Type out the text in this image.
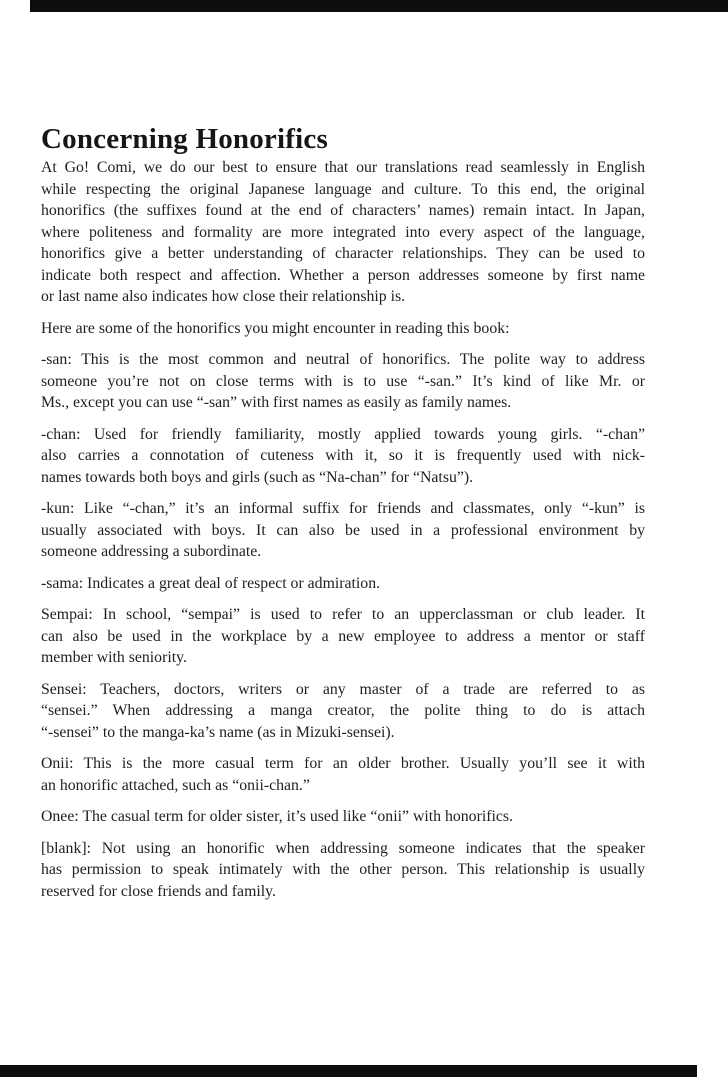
Concerning Honorifics
At Go! Comi, we do our best to ensure that our translations read seamlessly in English
while respecting the original Japanese language and culture. To this end, the original
honorifics (the suffixes found at the end of characters’ names) remain intact. In Japan,
where politeness and formality are more integrated into every aspect of the language,
honorifics give a better understanding of character relationships. They can be used to
indicate both respect and affection. Whether a person addresses someone by first name
or last name also indicates how close their relationship is.
Here are some of the honorifics you might encounter in reading this book:
-san: This is the most common and neutral of honorifics. The polite way to address
someone you’re not on close terms with is to use “-san.” It’s kind of like Mr. or
Ms., except you can use “-san” with first names as easily as family names.
-chan: Used for friendly familiarity, mostly applied towards young girls. “-chan”
also carries a connotation of cuteness with it, so it is frequently used with nick-
names towards both boys and girls (such as “Na-chan” for “Natsu”).
-kun: Like “-chan,” it’s an informal suffix for friends and classmates, only “-kun” is
usually associated with boys. It can also be used in a professional environment by
someone addressing a subordinate.
-sama: Indicates a great deal of respect or admiration.
Sempai: In school, “sempai” is used to refer to an upperclassman or club leader. It
can also be used in the workplace by a new employee to address a mentor or staff
member with seniority.
Sensei: Teachers, doctors, writers or any master of a trade are referred to as
“sensei.” When addressing a manga creator, the polite thing to do is attach
“-sensei” to the manga-ka’s name (as in Mizuki-sensei).
Onii: This is the more casual term for an older brother. Usually you’ll see it with
an honorific attached, such as “onii-chan.”
Onee: The casual term for older sister, it’s used like “onii” with honorifics.
[blank]: Not using an honorific when addressing someone indicates that the speaker
has permission to speak intimately with the other person. This relationship is usually
reserved for close friends and family.
